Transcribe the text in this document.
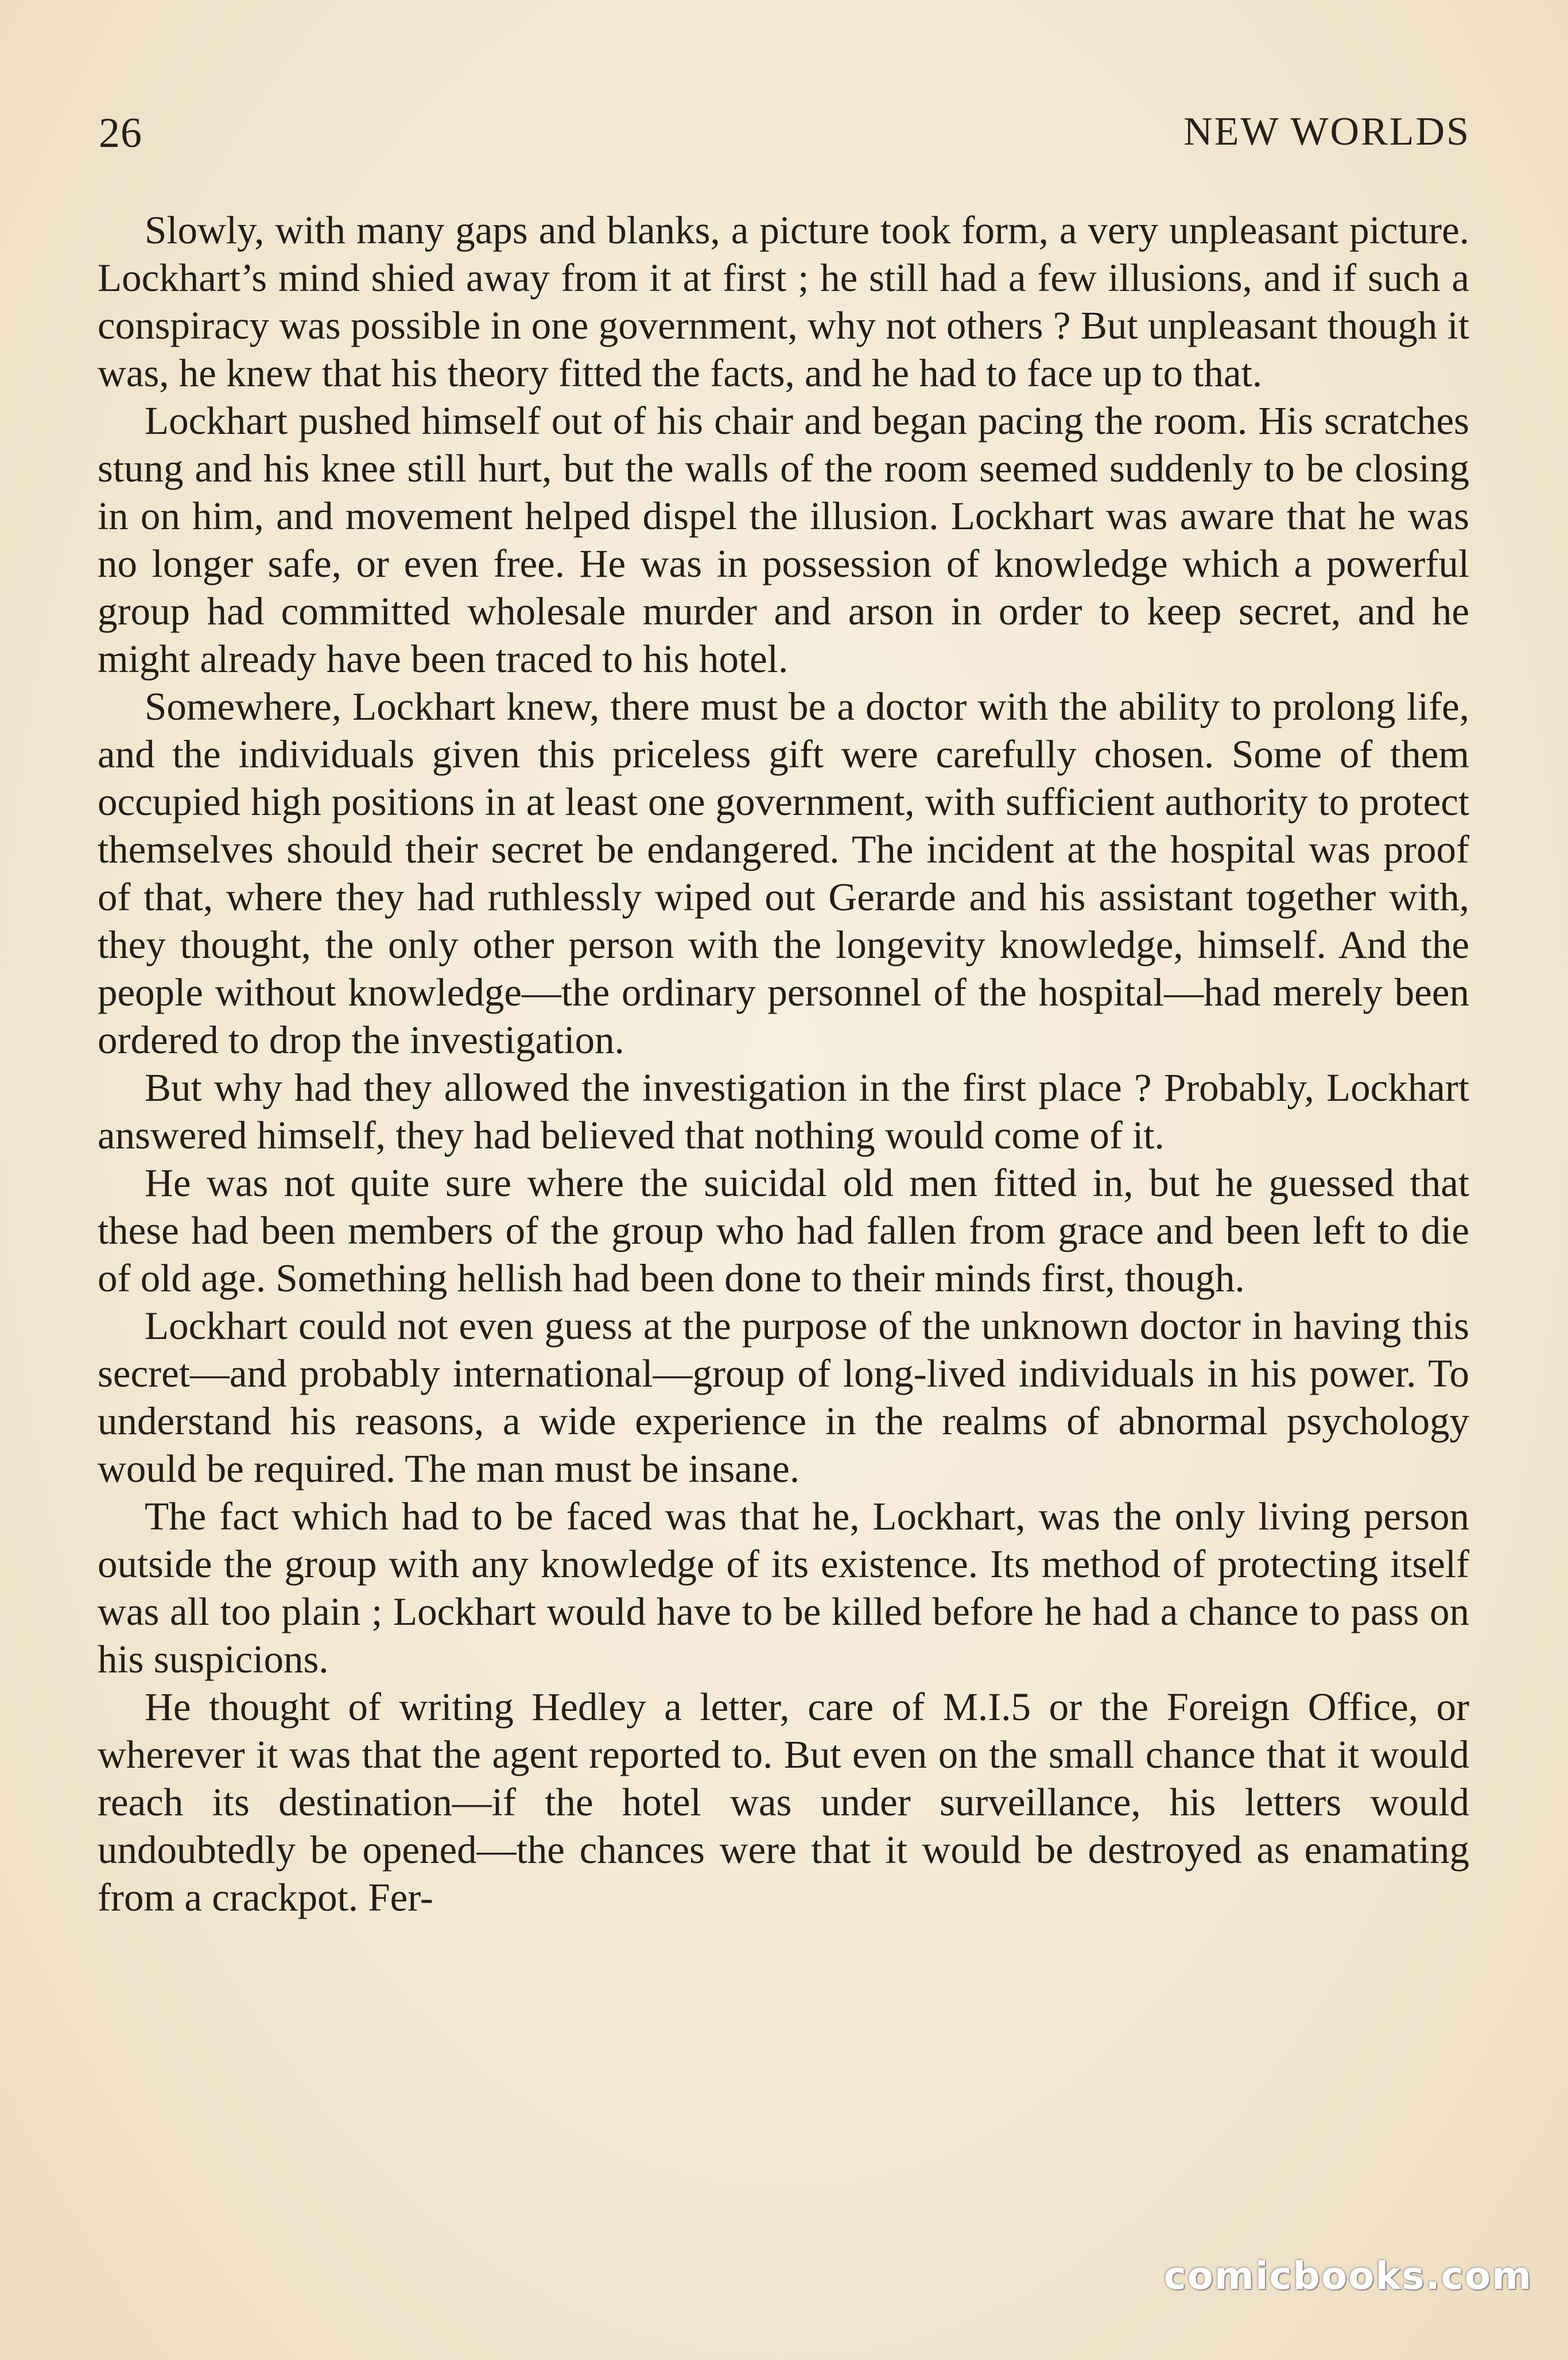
26	NEW WORLDS

Slowly, with many gaps and blanks, a picture took form, a very unpleasant picture. Lockhart’s mind shied away from it at first ; he still had a few illusions, and if such a conspiracy was possible in one government, why not others ? But unpleasant though it was, he knew that his theory fitted the facts, and he had to face up to that.

Lockhart pushed himself out of his chair and began pacing the room. His scratches stung and his knee still hurt, but the walls of the room seemed suddenly to be closing in on him, and movement helped dispel the illusion. Lockhart was aware that he was no longer safe, or even free. He was in possession of knowledge which a powerful group had committed wholesale murder and arson in order to keep secret, and he might already have been traced to his hotel.

Somewhere, Lockhart knew, there must be a doctor with the ability to prolong life, and the individuals given this priceless gift were carefully chosen. Some of them occupied high positions in at least one government, with sufficient authority to protect themselves should their secret be endangered. The incident at the hospital was proof of that, where they had ruthlessly wiped out Gerarde and his assistant together with, they thought, the only other person with the longevity knowledge, himself. And the people without knowledge—the ordinary personnel of the hospital—had merely been ordered to drop the investigation.

But why had they allowed the investigation in the first place ? Probably, Lockhart answered himself, they had believed that nothing would come of it.

He was not quite sure where the suicidal old men fitted in, but he guessed that these had been members of the group who had fallen from grace and been left to die of old age. Something hellish had been done to their minds first, though.

Lockhart could not even guess at the purpose of the unknown doctor in having this secret—and probably international—group of long-lived individuals in his power. To understand his reasons, a wide experience in the realms of abnormal psychology would be required. The man must be insane.

The fact which had to be faced was that he, Lockhart, was the only living person outside the group with any knowledge of its existence. Its method of protecting itself was all too plain ; Lockhart would have to be killed before he had a chance to pass on his suspicions.

He thought of writing Hedley a letter, care of M.I.5 or the Foreign Office, or wherever it was that the agent reported to. But even on the small chance that it would reach its destination—if the hotel was under surveillance, his letters would undoubtedly be opened—the chances were that it would be destroyed as enamating from a crackpot. Fer-

comicbooks.com
